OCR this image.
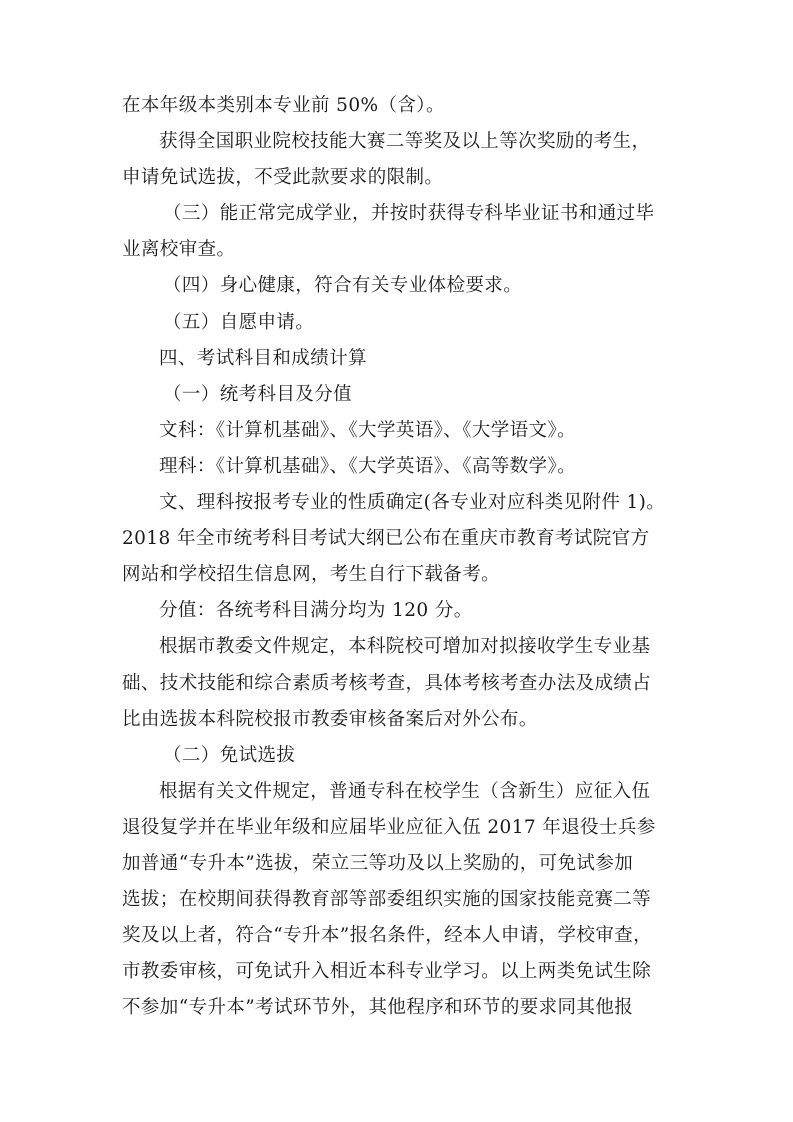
在本年级本类别本专业前 50%（含）。
获得全国职业院校技能大赛二等奖及以上等次奖励的考生，
申请免试选拔，不受此款要求的限制。
（三）能正常完成学业，并按时获得专科毕业证书和通过毕
业离校审查。
（四）身心健康，符合有关专业体检要求。
（五）自愿申请。
四、考试科目和成绩计算
（一）统考科目及分值
文科：《计算机基础》、《大学英语》、《大学语文》。
理科：《计算机基础》、《大学英语》、《高等数学》。
文、理科按报考专业的性质确定(各专业对应科类见附件 1)。
2018 年全市统考科目考试大纲已公布在重庆市教育考试院官方
网站和学校招生信息网，考生自行下载备考。
分值：各统考科目满分均为 120 分。
根据市教委文件规定，本科院校可增加对拟接收学生专业基
础、技术技能和综合素质考核考查，具体考核考查办法及成绩占
比由选拔本科院校报市教委审核备案后对外公布。
（二）免试选拔
根据有关文件规定，普通专科在校学生（含新生）应征入伍
退役复学并在毕业年级和应届毕业应征入伍 2017 年退役士兵参
加普通“专升本”选拔，荣立三等功及以上奖励的，可免试参加
选拔；在校期间获得教育部等部委组织实施的国家技能竞赛二等
奖及以上者，符合“专升本”报名条件，经本人申请，学校审查，
市教委审核，可免试升入相近本科专业学习。以上两类免试生除
不参加“专升本”考试环节外，其他程序和环节的要求同其他报
